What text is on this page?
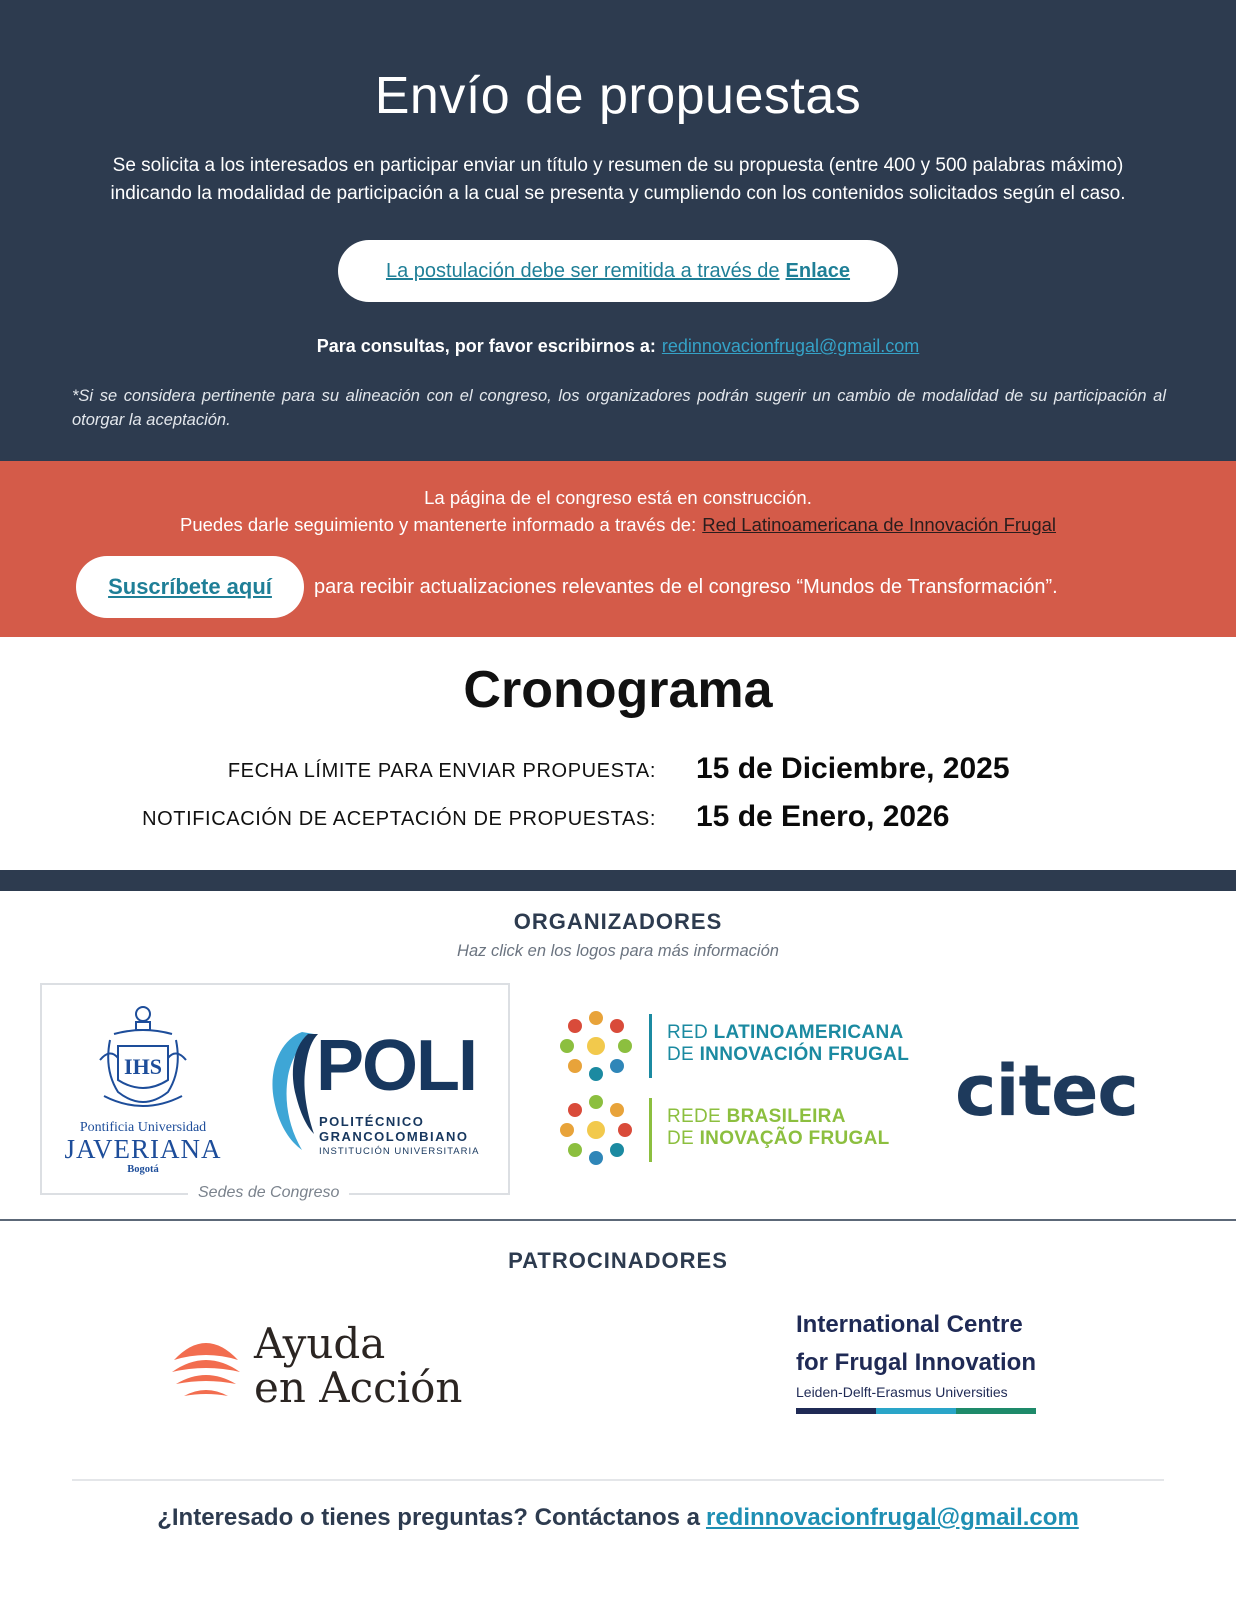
Envío de propuestas
Se solicita a los interesados en participar enviar un título y resumen de su propuesta (entre 400 y 500 palabras máximo)
indicando la modalidad de participación a la cual se presenta y cumpliendo con los contenidos solicitados según el caso.
La postulación debe ser remitida a través de Enlace
Para consultas, por favor escribirnos a: redinnovacionfrugal@gmail.com

*Si se considera pertinente para su alineación con el congreso, los organizadores podrán sugerir un cambio de modalidad de su participación al otorgar la aceptación.

La página de el congreso está en construcción.
Puedes darle seguimiento y mantenerte informado a través de: Red Latinoamericana de Innovación Frugal
Suscríbete aquí	para recibir actualizaciones relevantes de el congreso “Mundos de Transformación”.
Cronograma
FECHA LÍMITE PARA ENVIAR PROPUESTA: 15 de Diciembre, 2025
NOTIFICACIÓN DE ACEPTACIÓN DE PROPUESTAS: 15 de Enero, 2026
ORGANIZADORES
Haz click en los logos para más información
Sedes de Congreso
IHS
Pontificia Universidad
JAVERIANA
Bogotá
POLI
POLITÉCNICO
GRANCOLOMBIANO
INSTITUCIÓN UNIVERSITARIA
RED LATINOAMERICANA
DE INNOVACIÓN FRUGAL
REDE BRASILEIRA
DE INOVAÇÃO FRUGAL
citec
PATROCINADORES
Ayuda
en Acción
International Centre
for Frugal Innovation
Leiden-Delft-Erasmus Universities
¿Interesado o tienes preguntas? Contáctanos a redinnovacionfrugal@gmail.com
